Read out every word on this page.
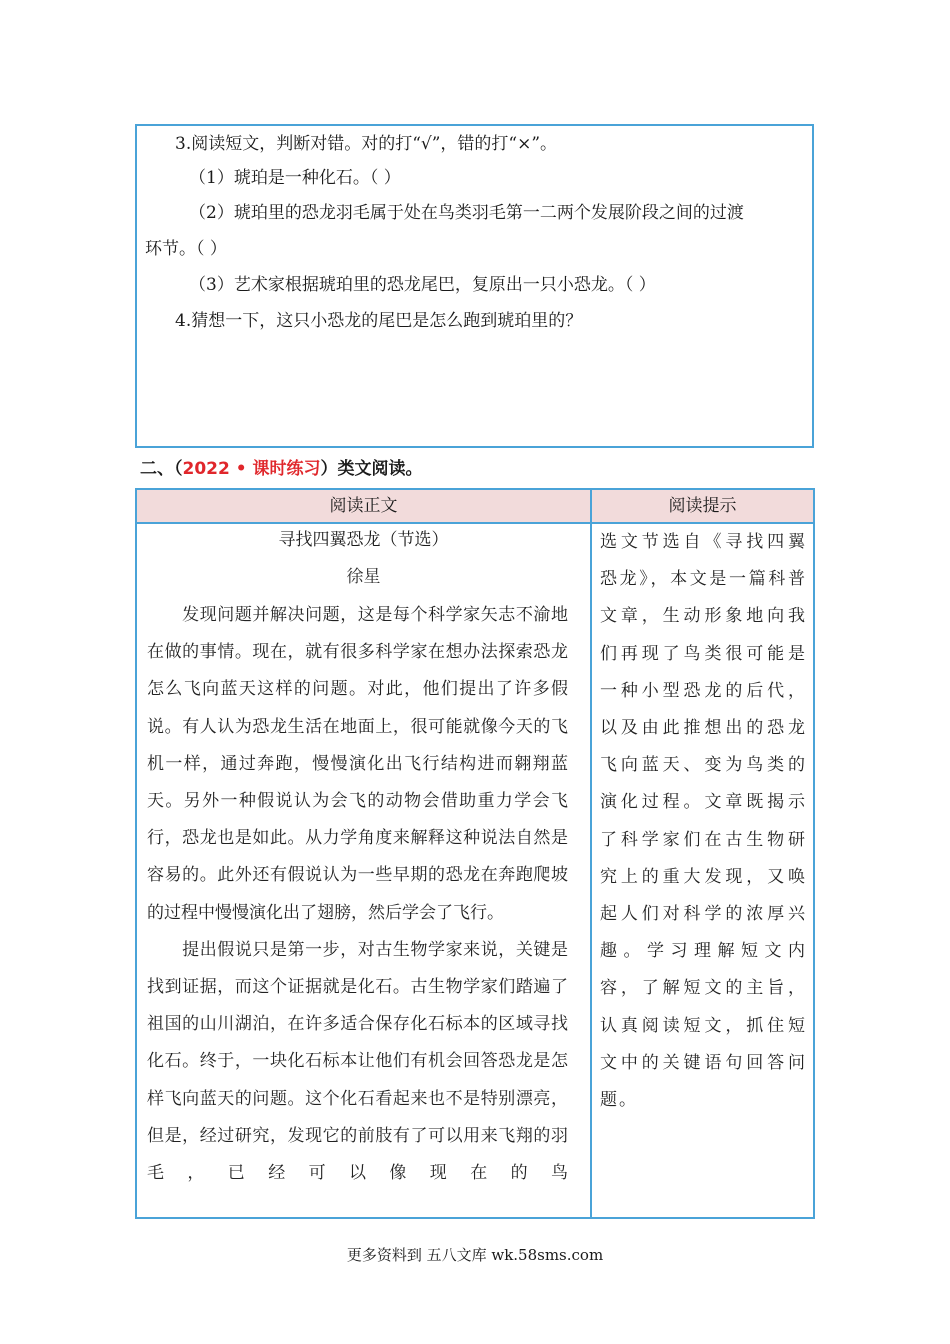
3.阅读短文，判断对错。对的打“√”，错的打“×”。
（1）琥珀是一种化石。（ ）
（2）琥珀里的恐龙羽毛属于处在鸟类羽毛第一二两个发展阶段之间的过渡
环节。（ ）
（3）艺术家根据琥珀里的恐龙尾巴，复原出一只小恐龙。（ ）
4.猜想一下，这只小恐龙的尾巴是怎么跑到琥珀里的？
二、（2022 • 课时练习）类文阅读。
阅读正文	阅读提示
寻找四翼恐龙（节选）
徐星
　　发现问题并解决问题，这是每个科学家矢志不渝地在做的事情。现在，就有很多科学家在想办法探索恐龙怎么飞向蓝天这样的问题。对此，他们提出了许多假说。有人认为恐龙生活在地面上，很可能就像今天的飞机一样，通过奔跑，慢慢演化出飞行结构进而翱翔蓝天。另外一种假说认为会飞的动物会借助重力学会飞行，恐龙也是如此。从力学角度来解释这种说法自然是容易的。此外还有假说认为一些早期的恐龙在奔跑爬坡的过程中慢慢演化出了翅膀，然后学会了飞行。
　　提出假说只是第一步，对古生物学家来说，关键是找到证据，而这个证据就是化石。古生物学家们踏遍了祖国的山川湖泊，在许多适合保存化石标本的区域寻找化石。终于，一块化石标本让他们有机会回答恐龙是怎样飞向蓝天的问题。这个化石看起来也不是特别漂亮，但是，经过研究，发现它的前肢有了可以用来飞翔的羽毛，已经可以像现在的鸟

选文节选自《寻找四翼恐龙》，本文是一篇科普文章，生动形象地向我们再现了鸟类很可能是一种小型恐龙的后代，以及由此推想出的恐龙飞向蓝天、变为鸟类的演化过程。文章既揭示了科学家们在古生物研究上的重大发现，又唤起人们对科学的浓厚兴趣。学习理解短文内容，了解短文的主旨，认真阅读短文，抓住短文中的关键语句回答问题。

更多资料到 五八文库 wk.58sms.com
